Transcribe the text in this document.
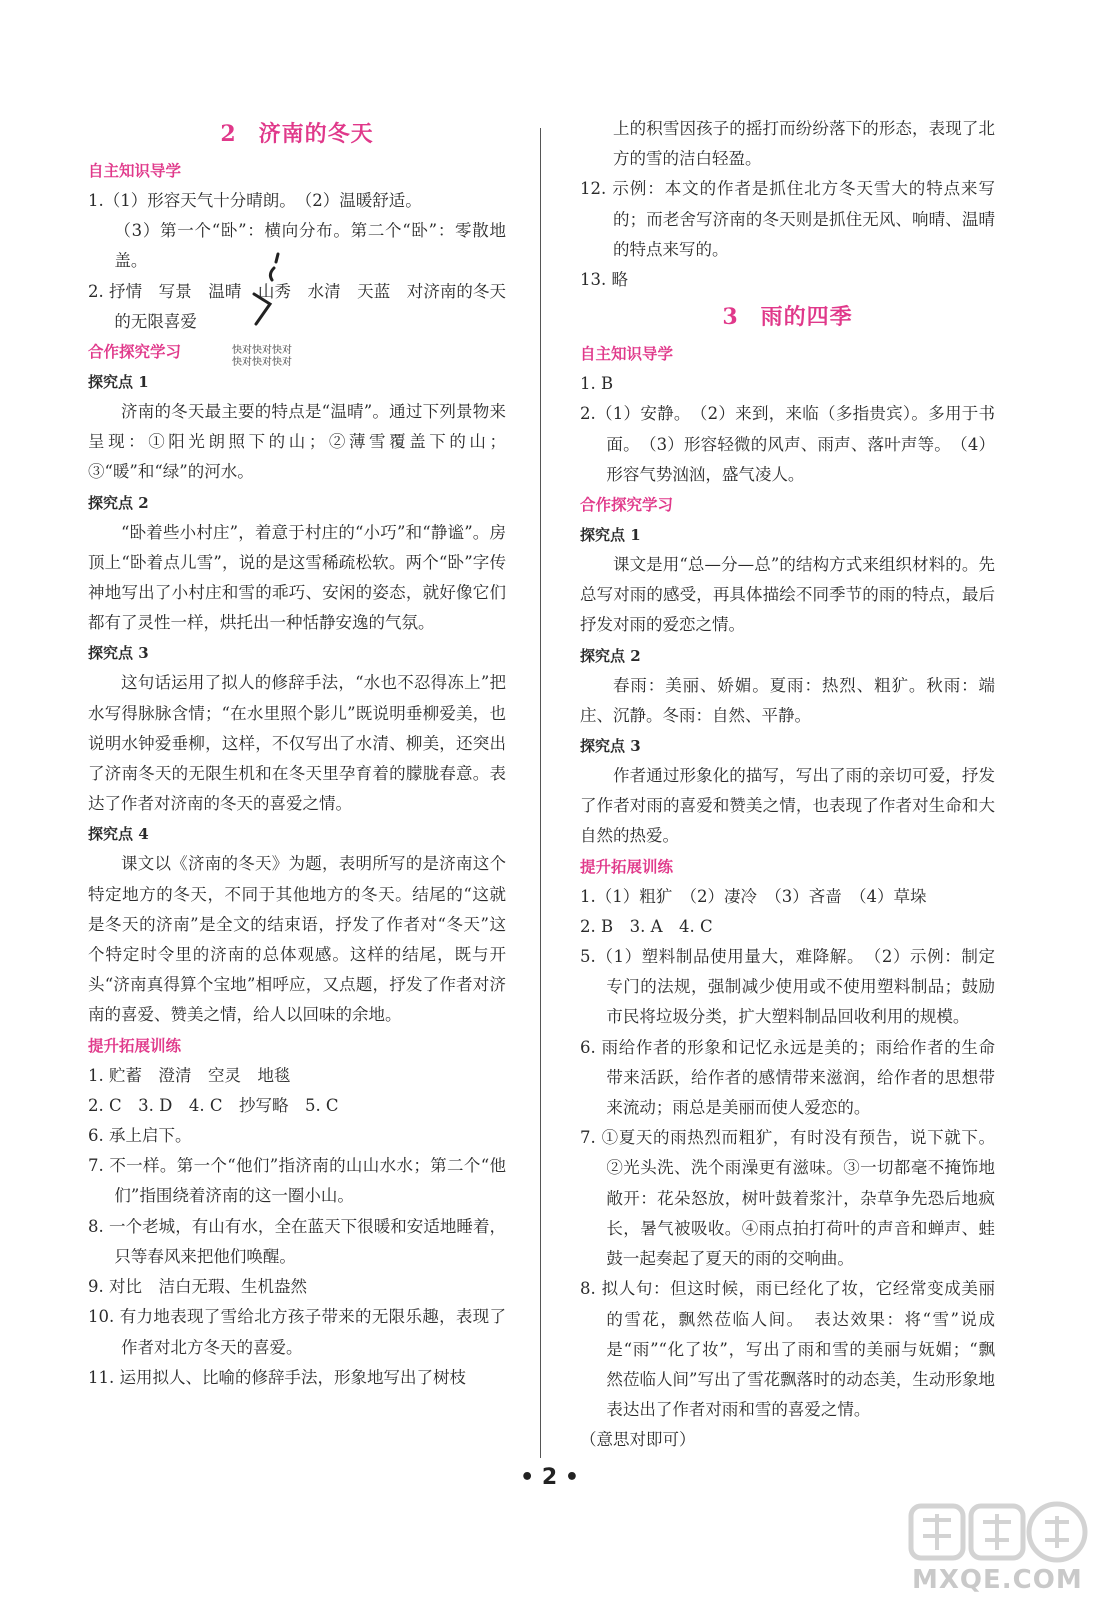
2 济南的冬天
自主知识导学
1.（1）形容天气十分晴朗。　（2）温暖舒适。
（3）第一个“卧”：横向分布。第二个“卧”：零散地盖。
2. 抒情　写景　温晴　山秀　水清　天蓝　对济南的冬天的无限喜爱
合作探究学习
探究点 1
济南的冬天最主要的特点是“温晴”。通过下列景物来呈现：①阳光朗照下的山；②薄雪覆盖下的山；③“暖”和“绿”的河水。
探究点 2
“卧着些小村庄”，着意于村庄的“小巧”和“静谧”。房顶上“卧着点儿雪”，说的是这雪稀疏松软。两个“卧”字传神地写出了小村庄和雪的乖巧、安闲的姿态，就好像它们都有了灵性一样，烘托出一种恬静安逸的气氛。
探究点 3
这句话运用了拟人的修辞手法，“水也不忍得冻上”把水写得脉脉含情；“在水里照个影儿”既说明垂柳爱美，也说明水钟爱垂柳，这样，不仅写出了水清、柳美，还突出了济南冬天的无限生机和在冬天里孕育着的朦胧春意。表达了作者对济南的冬天的喜爱之情。
探究点 4
课文以《济南的冬天》为题，表明所写的是济南这个特定地方的冬天，不同于其他地方的冬天。结尾的“这就是冬天的济南”是全文的结束语，抒发了作者对“冬天”这个特定时令里的济南的总体观感。这样的结尾，既与开头“济南真得算个宝地”相呼应，又点题，抒发了作者对济南的喜爱、赞美之情，给人以回味的余地。
提升拓展训练
1. 贮蓄　澄清　空灵　地毯
2. C　3. D　4. C　抄写略　5. C
6. 承上启下。
7. 不一样。第一个“他们”指济南的山山水水；第二个“他们”指围绕着济南的这一圈小山。
8. 一个老城，有山有水，全在蓝天下很暖和安适地睡着，只等春风来把他们唤醒。
9. 对比　洁白无瑕、生机盎然
10. 有力地表现了雪给北方孩子带来的无限乐趣，表现了作者对北方冬天的喜爱。
11. 运用拟人、比喻的修辞手法，形象地写出了树枝
快对快对快对
快对快对快对
上的积雪因孩子的摇打而纷纷落下的形态，表现了北方的雪的洁白轻盈。
12. 示例：本文的作者是抓住北方冬天雪大的特点来写的；而老舍写济南的冬天则是抓住无风、响晴、温晴的特点来写的。
13. 略
3 雨的四季
自主知识导学
1. B
2.（1）安静。　（2）来到，来临（多指贵宾）。多用于书面。　（3）形容轻微的风声、雨声、落叶声等。　（4）形容气势汹汹，盛气凌人。
合作探究学习
探究点 1
课文是用“总—分—总”的结构方式来组织材料的。先总写对雨的感受，再具体描绘不同季节的雨的特点，最后抒发对雨的爱恋之情。
探究点 2
春雨：美丽、娇媚。夏雨：热烈、粗犷。秋雨：端庄、沉静。冬雨：自然、平静。
探究点 3
作者通过形象化的描写，写出了雨的亲切可爱，抒发了作者对雨的喜爱和赞美之情，也表现了作者对生命和大自然的热爱。
提升拓展训练
1.（1）粗犷　（2）凄冷　（3）吝啬　（4）草垛
2. B　3. A　4. C
5.（1）塑料制品使用量大，难降解。　（2）示例：制定专门的法规，强制减少使用或不使用塑料制品；鼓励市民将垃圾分类，扩大塑料制品回收利用的规模。
6. 雨给作者的形象和记忆永远是美的；雨给作者的生命带来活跃，给作者的感情带来滋润，给作者的思想带来流动；雨总是美丽而使人爱恋的。
7. ①夏天的雨热烈而粗犷，有时没有预告，说下就下。②光头洗、洗个雨澡更有滋味。③一切都毫不掩饰地敞开：花朵怒放，树叶鼓着浆汁，杂草争先恐后地疯长，暑气被吸收。④雨点拍打荷叶的声音和蝉声、蛙鼓一起奏起了夏天的雨的交响曲。
8. 拟人句：但这时候，雨已经化了妆，它经常变成美丽的雪花，飘然莅临人间。　表达效果：将“雪”说成是“雨”“化了妆”，写出了雨和雪的美丽与妩媚；“飘然莅临人间”写出了雪花飘落时的动态美，生动形象地表达出了作者对雨和雪的喜爱之情。
（意思对即可）
• 2 •
MXQE.COM
